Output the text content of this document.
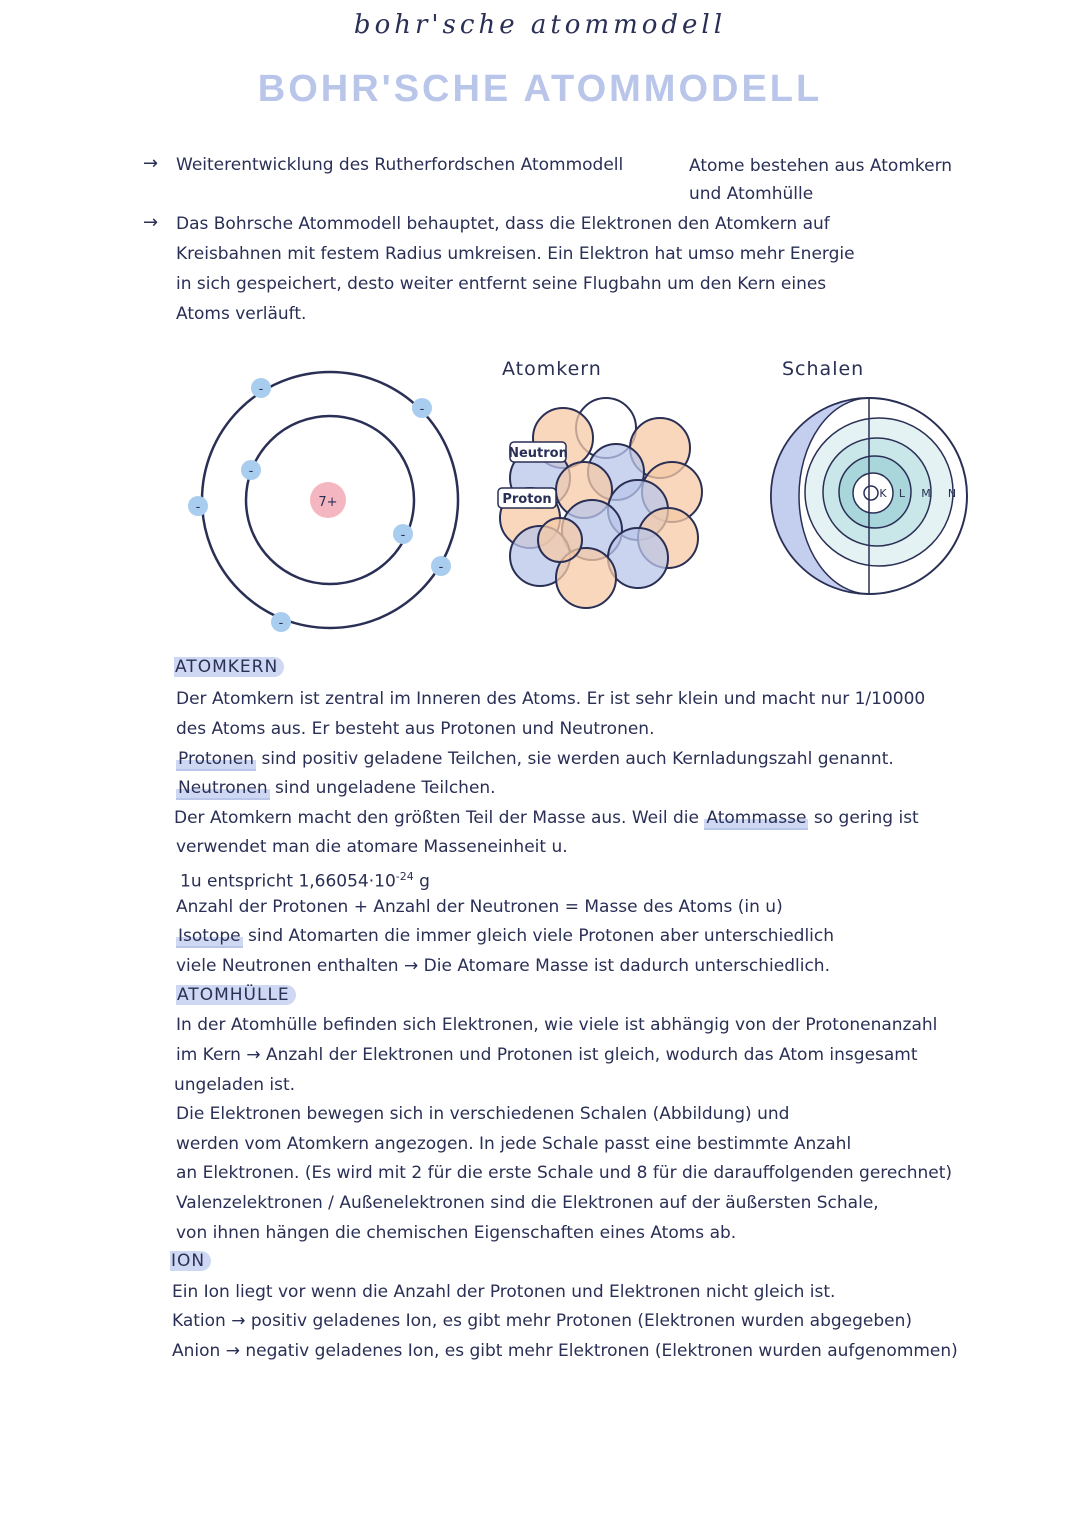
BOHR'SCHE ATOMMODELL
bohr'sche atommodell
→ Weiterentwicklung des Rutherfordschen Atommodell	Atome bestehen aus Atomkern
und Atomhülle
→ Das Bohrsche Atommodell behauptet, dass die Elektronen den Atomkern auf
Kreisbahnen mit festem Radius umkreisen. Ein Elektron hat umso mehr Energie
in sich gespeichert, desto weiter entfernt seine Flugbahn um den Kern eines
Atoms verläuft.
7+
-
-
-
-
-
-
-
Atomkern
Neutron
Proton
Schalen
K L M N
ATOMKERN
Der Atomkern ist zentral im Inneren des Atoms. Er ist sehr klein und macht nur 1/10000
des Atoms aus. Er besteht aus Protonen und Neutronen.
Protonen sind positiv geladene Teilchen, sie werden auch Kernladungszahl genannt.
Neutronen sind ungeladene Teilchen.
Der Atomkern macht den größten Teil der Masse aus. Weil die Atommasse so gering ist
verwendet man die atomare Masseneinheit u.
1u entspricht $1,66054\cdot 10^{-24}$ g
Anzahl der Protonen + Anzahl der Neutronen = Masse des Atoms (in u)
Isotope sind Atomarten die immer gleich viele Protonen aber unterschiedlich
viele Neutronen enthalten → Die Atomare Masse ist dadurch unterschiedlich.
ATOMHÜLLE
In der Atomhülle befinden sich Elektronen, wie viele ist abhängig von der Protonenanzahl
im Kern → Anzahl der Elektronen und Protonen ist gleich, wodurch das Atom insgesamt
ungeladen ist.
Die Elektronen bewegen sich in verschiedenen Schalen (Abbildung) und
werden vom Atomkern angezogen. In jede Schale passt eine bestimmte Anzahl
an Elektronen. (Es wird mit 2 für die erste Schale und 8 für die darauffolgenden gerechnet)
Valenzelektronen / Außenelektronen sind die Elektronen auf der äußersten Schale,
von ihnen hängen die chemischen Eigenschaften eines Atoms ab.
ION
Ein Ion liegt vor wenn die Anzahl der Protonen und Elektronen nicht gleich ist.
Kation → positiv geladenes Ion, es gibt mehr Protonen (Elektronen wurden abgegeben)
Anion → negativ geladenes Ion, es gibt mehr Elektronen (Elektronen wurden aufgenommen)
